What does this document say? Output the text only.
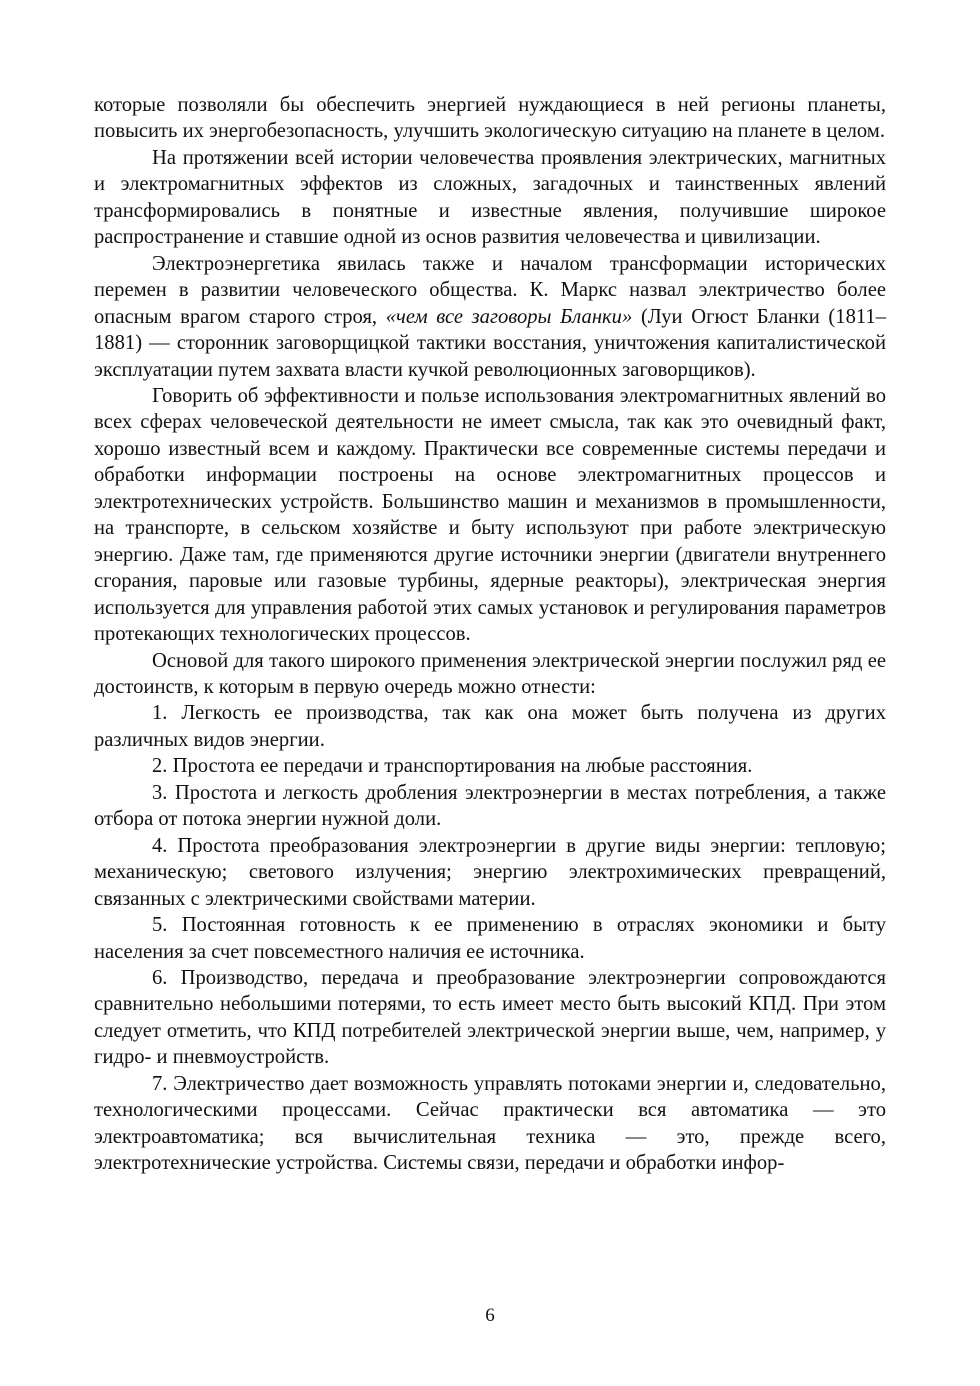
которые позволяли бы обеспечить энергией нуждающиеся в ней регионы планеты, повысить их энергобезопасность, улучшить экологическую ситуацию на планете в целом.

На протяжении всей истории человечества проявления электрических, магнитных и электромагнитных эффектов из сложных, загадочных и таинственных явлений трансформировались в понятные и известные явления, получившие широкое распространение и ставшие одной из основ развития человечества и цивилизации.

Электроэнергетика явилась также и началом трансформации исторических перемен в развитии человеческого общества. К. Маркс назвал электричество более опасным врагом старого строя, «чем все заговоры Бланки» (Луи Огюст Бланки (1811–1881) — сторонник заговорщицкой тактики восстания, уничтожения капиталистической эксплуатации путем захвата власти кучкой революционных заговорщиков).

Говорить об эффективности и пользе использования электромагнитных явлений во всех сферах человеческой деятельности не имеет смысла, так как это очевидный факт, хорошо известный всем и каждому. Практически все современные системы передачи и обработки информации построены на основе электромагнитных процессов и электротехнических устройств. Большинство машин и механизмов в промышленности, на транспорте, в сельском хозяйстве и быту используют при работе электрическую энергию. Даже там, где применяются другие источники энергии (двигатели внутреннего сгорания, паровые или газовые турбины, ядерные реакторы), электрическая энергия используется для управления работой этих самых установок и регулирования параметров протекающих технологических процессов.

Основой для такого широкого применения электрической энергии послужил ряд ее достоинств, к которым в первую очередь можно отнести:

1. Легкость ее производства, так как она может быть получена из других различных видов энергии.

2. Простота ее передачи и транспортирования на любые расстояния.

3. Простота и легкость дробления электроэнергии в местах потребления, а также отбора от потока энергии нужной доли.

4. Простота преобразования электроэнергии в другие виды энергии: тепловую; механическую; светового излучения; энергию электрохимических превращений, связанных с электрическими свойствами материи.

5. Постоянная готовность к ее применению в отраслях экономики и быту населения за счет повсеместного наличия ее источника.

6. Производство, передача и преобразование электроэнергии сопровождаются сравнительно небольшими потерями, то есть имеет место быть высокий КПД. При этом следует отметить, что КПД потребителей электрической энергии выше, чем, например, у гидро- и пневмоустройств.

7. Электричество дает возможность управлять потоками энергии и, следовательно, технологическими процессами. Сейчас практически вся автоматика — это электроавтоматика; вся вычислительная техника — это, прежде всего, электротехнические устройства. Системы связи, передачи и обработки инфор-

6
